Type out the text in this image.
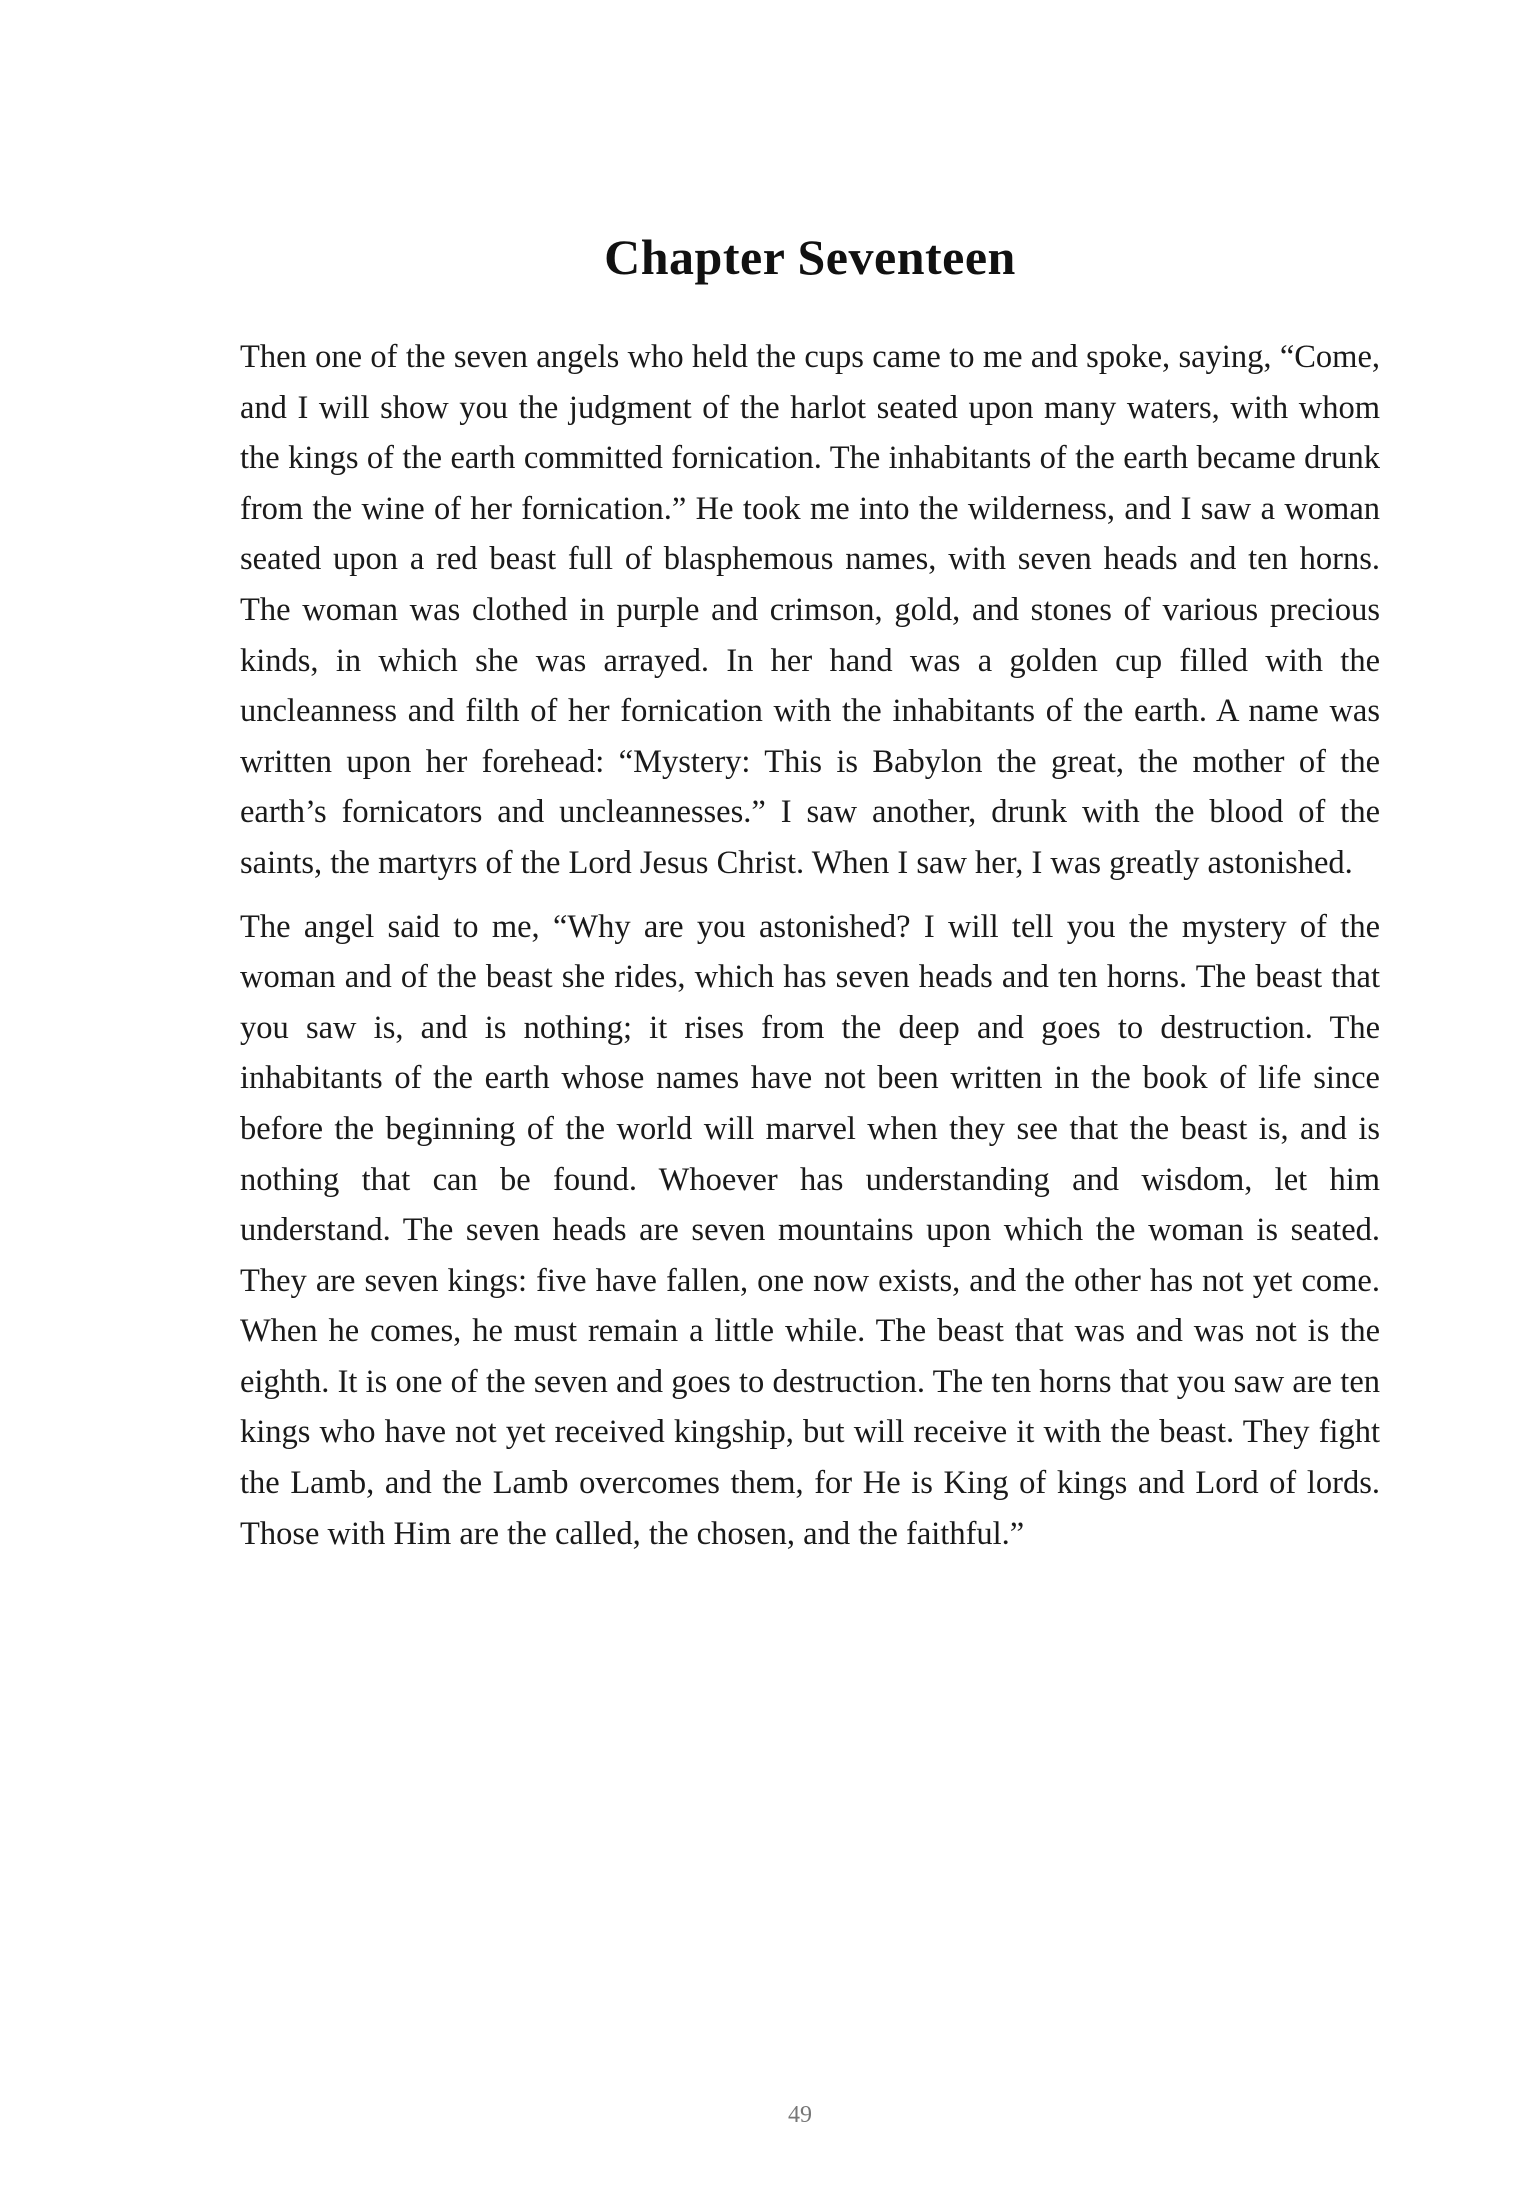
Chapter Seventeen

Then one of the seven angels who held the cups came to me and spoke, saying, “Come, and I will show you the judgment of the harlot seated upon many waters, with whom the kings of the earth committed fornication. The inhabitants of the earth became drunk from the wine of her fornication.” He took me into the wilderness, and I saw a woman seated upon a red beast full of blasphemous names, with seven heads and ten horns. The woman was clothed in purple and crimson, gold, and stones of various precious kinds, in which she was arrayed. In her hand was a golden cup filled with the uncleanness and filth of her fornication with the inhabitants of the earth. A name was written upon her forehead: “Mystery: This is Babylon the great, the mother of the earth’s fornicators and uncleannesses.” I saw another, drunk with the blood of the saints, the martyrs of the Lord Jesus Christ. When I saw her, I was greatly astonished.

The angel said to me, “Why are you astonished? I will tell you the mystery of the woman and of the beast she rides, which has seven heads and ten horns. The beast that you saw is, and is nothing; it rises from the deep and goes to destruction. The inhabitants of the earth whose names have not been written in the book of life since before the beginning of the world will marvel when they see that the beast is, and is nothing that can be found. Whoever has understanding and wisdom, let him understand. The seven heads are seven mountains upon which the woman is seated. They are seven kings: five have fallen, one now exists, and the other has not yet come. When he comes, he must remain a little while. The beast that was and was not is the eighth. It is one of the seven and goes to destruction. The ten horns that you saw are ten kings who have not yet received kingship, but will receive it with the beast. They fight the Lamb, and the Lamb overcomes them, for He is King of kings and Lord of lords. Those with Him are the called, the chosen, and the faithful.”

49
